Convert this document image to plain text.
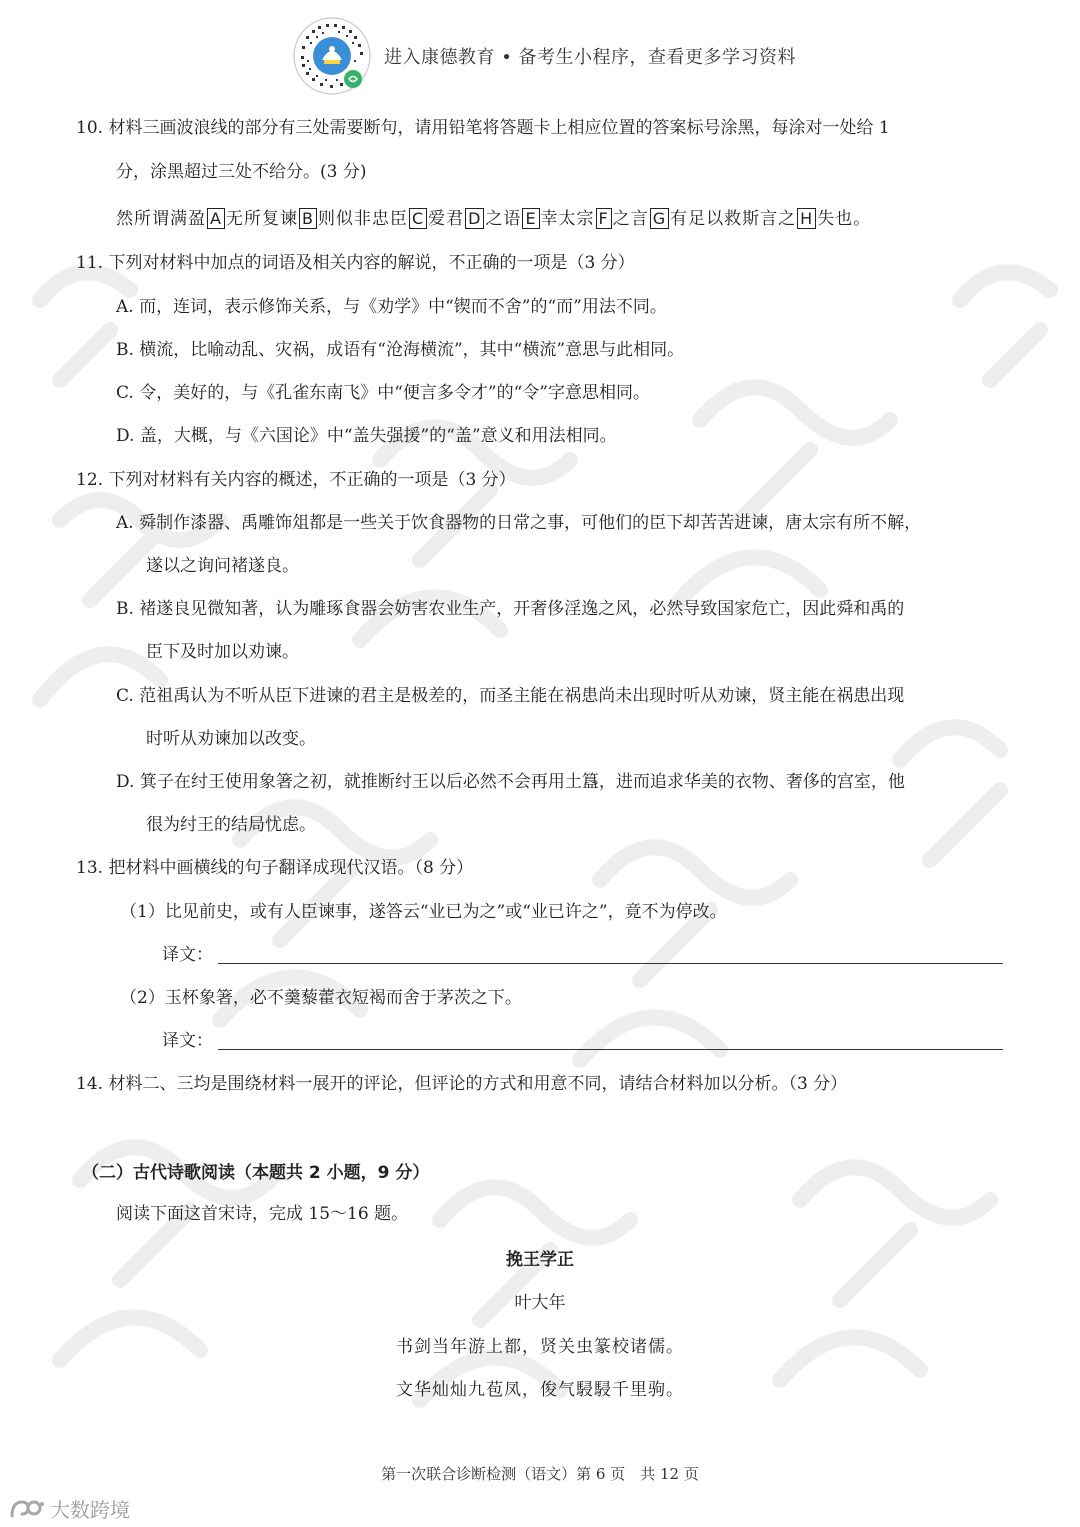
进入康德教育 • 备考生小程序，查看更多学习资料
10. 材料三画波浪线的部分有三处需要断句，请用铅笔将答题卡上相应位置的答案标号涂黑，每涂对一处给 1
分，涂黑超过三处不给分。(3 分)
然所谓满盈 A 无所复谏 B 则似非忠臣 C 爱君 D 之语 E 幸太宗 F 之言 G 有足以救斯言之 H 失也。
11. 下列对材料中加点的词语及相关内容的解说，不正确的一项是（3 分）
A. 而，连词，表示修饰关系，与《劝学》中“锲而不舍”的“而”用法不同。
B. 横流，比喻动乱、灾祸，成语有“沧海横流”，其中“横流”意思与此相同。
C. 令，美好的，与《孔雀东南飞》中“便言多令才”的“令”字意思相同。
D. 盖，大概，与《六国论》中“盖失强援”的“盖”意义和用法相同。
12. 下列对材料有关内容的概述，不正确的一项是（3 分）
A. 舜制作漆器、禹雕饰俎都是一些关于饮食器物的日常之事，可他们的臣下却苦苦进谏，唐太宗有所不解，
遂以之询问褚遂良。
B. 褚遂良见微知著，认为雕琢食器会妨害农业生产，开奢侈淫逸之风，必然导致国家危亡，因此舜和禹的
臣下及时加以劝谏。
C. 范祖禹认为不听从臣下进谏的君主是极差的，而圣主能在祸患尚未出现时听从劝谏，贤主能在祸患出现
时听从劝谏加以改变。
D. 箕子在纣王使用象箸之初，就推断纣王以后必然不会再用土簋，进而追求华美的衣物、奢侈的宫室，他
很为纣王的结局忧虑。
13. 把材料中画横线的句子翻译成现代汉语。（8 分）
（1）比见前史，或有人臣谏事，遂答云“业已为之”或“业已许之”，竟不为停改。
译文：
（2）玉杯象箸，必不羹藜藿衣短褐而舍于茅茨之下。
译文：
14. 材料二、三均是围绕材料一展开的评论，但评论的方式和用意不同，请结合材料加以分析。（3 分）
（二）古代诗歌阅读（本题共 2 小题，9 分）
阅读下面这首宋诗，完成 15～16 题。
挽王学正
叶大年
书剑当年游上都，贤关虫篆校诸儒。
文华灿灿九苞凤，俊气駸駸千里驹。
第一次联合诊断检测（语文）第 6 页　共 12 页
大数跨境
